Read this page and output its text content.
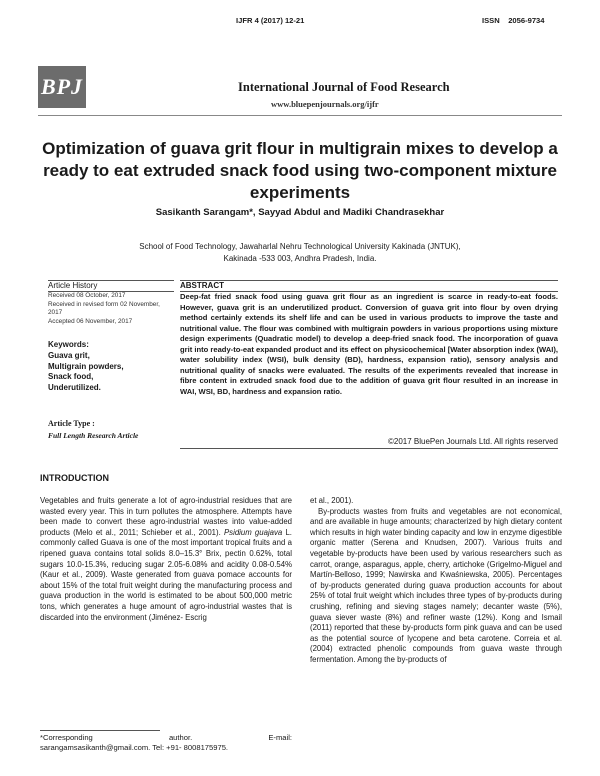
IJFR 4 (2017) 12-21	ISSN 2056-9734
BPJ	International Journal of Food Research
www.bluepenjournals.org/ijfr
Optimization of guava grit flour in multigrain mixes to develop a ready to eat extruded snack food using two-component mixture experiments
Sasikanth Sarangam*, Sayyad Abdul and Madiki Chandrasekhar
School of Food Technology, Jawaharlal Nehru Technological University Kakinada (JNTUK),
Kakinada -533 003, Andhra Pradesh, India.
Article History
Received 08 October, 2017
Received in revised form 02 November, 2017
Accepted 06 November, 2017
Keywords:
Guava grit,
Multigrain powders,
Snack food,
Underutilized.
Article Type :
Full Length Research Article
ABSTRACT
Deep-fat fried snack food using guava grit flour as an ingredient is scarce in ready-to-eat foods. However, guava grit is an underutilized product. Conversion of guava grit into flour by oven drying method certainly extends its shelf life and can be used in various products to improve the taste and nutritional value. The flour was combined with multigrain powders in various proportions using mixture design experiments (Quadratic model) to develop a deep-fried snack food. The incorporation of guava grit into ready-to-eat expanded product and its effect on physicochemical [Water absorption index (WAI), water solubility index (WSI), bulk density (BD), hardness, expansion ratio), sensory analysis and nutritional quality of snacks were evaluated. The results of the experiments revealed that increase in fibre content in extruded snack food due to the addition of guava grit flour resulted in an increase in WAI, WSI, BD, hardness and expansion ratio.
©2017 BluePen Journals Ltd. All rights reserved
INTRODUCTION

Vegetables and fruits generate a lot of agro-industrial residues that are wasted every year. This in turn pollutes the atmosphere. Attempts have been made to convert these agro-industrial wastes into value-added products (Melo et al., 2011; Schieber et al., 2001). Psidium guajava L. commonly called Guava is one of the most important tropical fruits and a ripened guava contains total solids 8.0–15.3° Brix, pectin 0.62%, total sugars 10.0-15.3%, reducing sugar 2.05-6.08% and acidity 0.08-0.54% (Kaur et al., 2009). Waste generated from guava pomace accounts for about 15% of the total fruit weight during the manufacturing process and guava production in the world is estimated to be about 500,000 metric tons, which generates a huge amount of agro-industrial wastes that is discarded into the environment (Jiménez- Escrig

et al., 2001).

By-products wastes from fruits and vegetables are not economical, and are available in huge amounts; characterized by high dietary content which results in high water binding capacity and low in enzyme digestible organic matter (Serena and Knudsen, 2007). Various fruits and vegetable by-products have been used by various researchers such as carrot, orange, asparagus, apple, cherry, artichoke (Grigelmo-Miguel and Martín-Belloso, 1999; Nawirska and Kwaśniewska, 2005). Percentages of by-products generated during guava production accounts for about 25% of total fruit weight which includes three types of by-products during crushing, refining and sieving stages namely; decanter waste (5%), guava siever waste (8%) and refiner waste (12%). Kong and Ismail (2011) reported that these by-products form pink guava and can be used as the potential source of lycopene and beta carotene. Correia et al. (2004) extracted phenolic compounds from guava waste through fermentation. Among the by-products of

*Corresponding	author.	E-mail:
sarangamsasikanth@gmail.com. Tel: +91- 8008175975.
